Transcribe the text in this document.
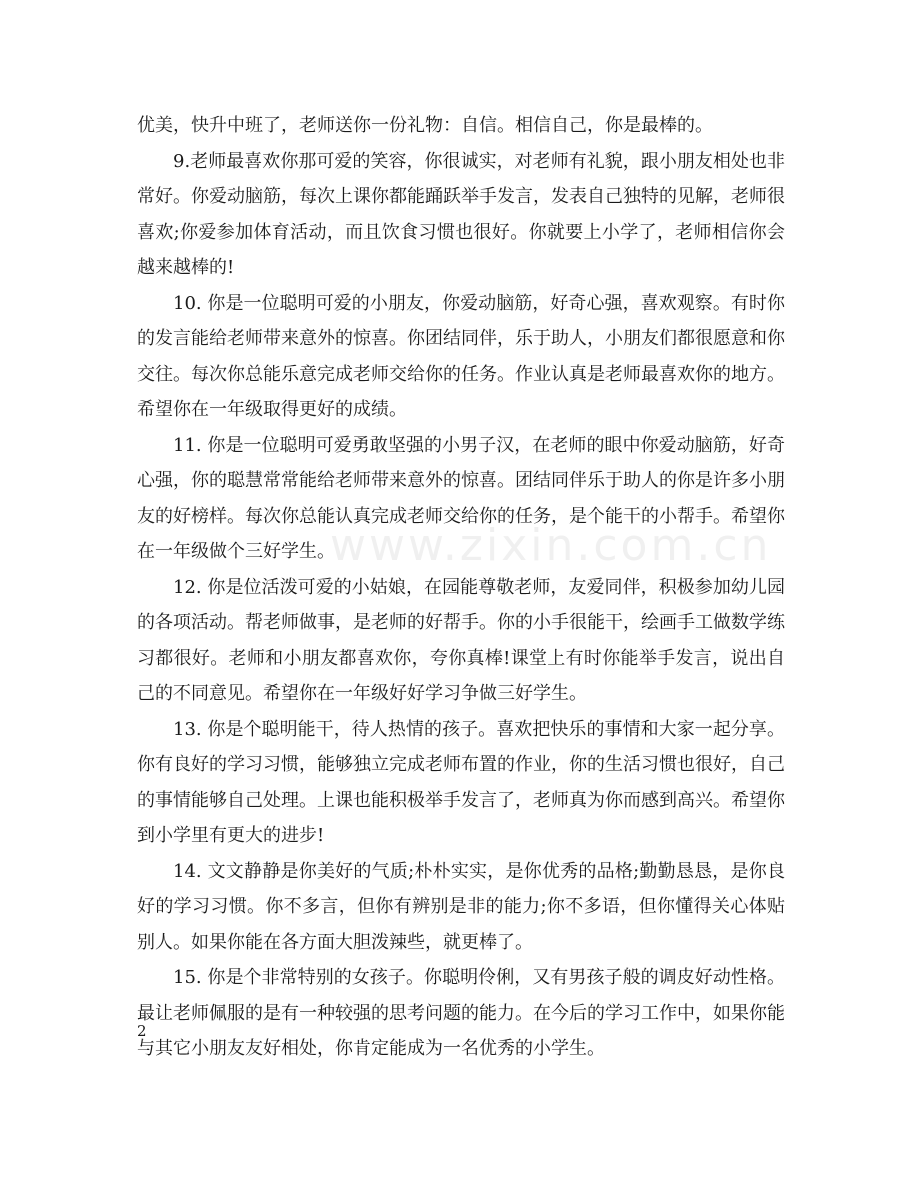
www.zixin.com.cn

优美，快升中班了，老师送你一份礼物：自信。相信自己，你是最棒的。

9.老师最喜欢你那可爱的笑容，你很诚实，对老师有礼貌，跟小朋友相处也非常好。你爱动脑筋，每次上课你都能踊跃举手发言，发表自己独特的见解，老师很喜欢;你爱参加体育活动，而且饮食习惯也很好。你就要上小学了，老师相信你会越来越棒的!

10. 你是一位聪明可爱的小朋友，你爱动脑筋，好奇心强，喜欢观察。有时你的发言能给老师带来意外的惊喜。你团结同伴，乐于助人，小朋友们都很愿意和你交往。每次你总能乐意完成老师交给你的任务。作业认真是老师最喜欢你的地方。希望你在一年级取得更好的成绩。

11. 你是一位聪明可爱勇敢坚强的小男子汉，在老师的眼中你爱动脑筋，好奇心强，你的聪慧常常能给老师带来意外的惊喜。团结同伴乐于助人的你是许多小朋友的好榜样。每次你总能认真完成老师交给你的任务，是个能干的小帮手。希望你在一年级做个三好学生。

12. 你是位活泼可爱的小姑娘，在园能尊敬老师，友爱同伴，积极参加幼儿园的各项活动。帮老师做事，是老师的好帮手。你的小手很能干，绘画手工做数学练习都很好。老师和小朋友都喜欢你，夸你真棒!课堂上有时你能举手发言，说出自己的不同意见。希望你在一年级好好学习争做三好学生。

13. 你是个聪明能干，待人热情的孩子。喜欢把快乐的事情和大家一起分享。你有良好的学习习惯，能够独立完成老师布置的作业，你的生活习惯也很好，自己的事情能够自己处理。上课也能积极举手发言了，老师真为你而感到高兴。希望你到小学里有更大的进步!

14. 文文静静是你美好的气质;朴朴实实，是你优秀的品格;勤勤恳恳，是你良好的学习习惯。你不多言，但你有辨别是非的能力;你不多语，但你懂得关心体贴别人。如果你能在各方面大胆泼辣些，就更棒了。

15. 你是个非常特别的女孩子。你聪明伶俐，又有男孩子般的调皮好动性格。最让老师佩服的是有一种较强的思考问题的能力。在今后的学习工作中，如果你能与其它小朋友友好相处，你肯定能成为一名优秀的小学生。

2
